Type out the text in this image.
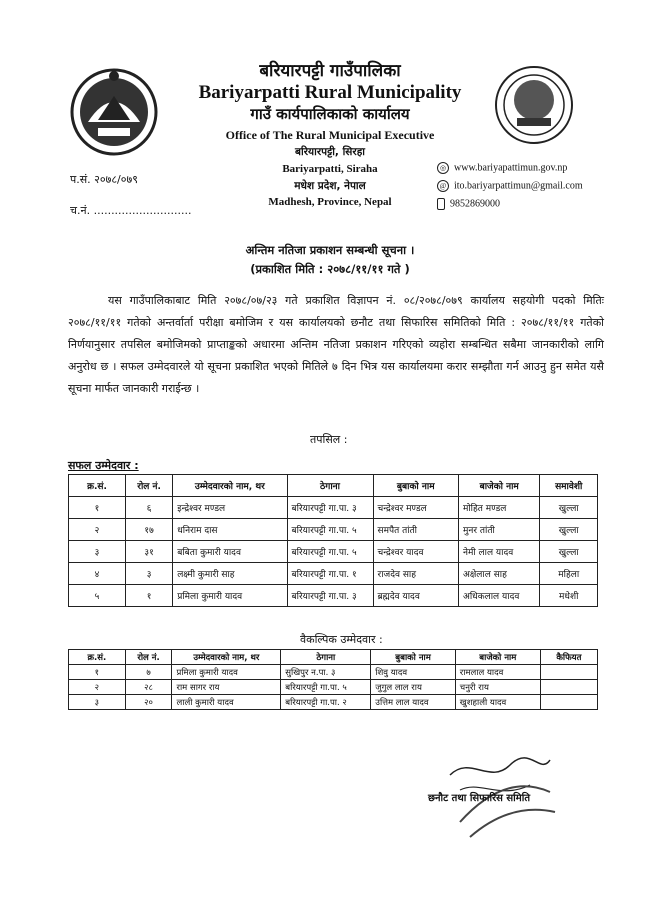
बरियारपट्टी गाउँपालिका
Bariyarpatti Rural Municipality
गाउँ कार्यपालिकाको कार्यालय
Office of The Rural Municipal Executive
बरियारपट्टी, सिरहा
Bariyarpatti, Siraha
मधेश प्रदेश, नेपाल
Madhesh, Province, Nepal
◎ www.bariyapattimun.gov.np
@ ito.bariyarpattimun@gmail.com
9852869000
प.सं. २०७८/०७९
च.नं. ............................
अन्तिम नतिजा प्रकाशन सम्बन्धी सूचना ।
(प्रकाशित मिति : २०७८/११/११ गते )
यस गाउँपालिकाबाट मिति २०७८/०७/२३ गते प्रकाशित विज्ञापन नं. ०८/२०७८/०७९ कार्यालय सहयोगी पदको मितिः २०७८/११/११ गतेको अन्तर्वार्ता परीक्षा बमोजिम र यस कार्यालयको छनौट तथा सिफारिस समितिको मिति : २०७८/११/११ गतेको निर्णयानुसार तपसिल बमोजिमको प्राप्ताङ्कको अधारमा अन्तिम नतिजा प्रकाशन गरिएको व्यहोरा सम्बन्धित सबैमा जानकारीको लागि अनुरोध छ । सफल उम्मेदवारले यो सूचना प्रकाशित भएको मितिले ७ दिन भित्र यस कार्यालयमा करार सम्झौता गर्न आउनु हुन समेत यसै सूचना मार्फत जानकारी गराईन्छ ।
तपसिल :
सफल उम्मेदवार :
क्र.सं.	रोल नं.	उम्मेदवारको नाम, थर	ठेगाना	बुबाको नाम	बाजेको नाम	समावेशी
१	६	इन्द्रेश्वर मण्डल	बरियारपट्टी गा.पा. ३	चन्द्रेश्वर मण्डल	मोहित मण्डल	खुल्ला
२	१७	धनिराम दास	बरियारपट्टी गा.पा. ५	समपैत तांती	मुनर तांती	खुल्ला
३	३१	बबिता कुमारी यादव	बरियारपट्टी गा.पा. ५	चन्द्रेश्वर यादव	नेमी लाल यादव	खुल्ला
४	३	लक्ष्मी कुमारी साह	बरियारपट्टी गा.पा. १	राजदेव साह	अक्षेलाल साह	महिला
५	१	प्रमिला कुमारी यादव	बरियारपट्टी गा.पा. ३	ब्रह्मदेव यादव	अधिकलाल यादव	मधेशी
वैकल्पिक उम्मेदवार :
क्र.सं.	रोल नं.	उम्मेदवारको नाम, थर	ठेगाना	बुबाको नाम	बाजेको नाम	कैफियत
१	७	प्रमिला कुमारी यादव	सुखिपुर न.पा. ३	शिवु यादव	रामलाल यादव	
२	२८	राम सागर राय	बरियारपट्टी गा.पा. ५	जुगुल लाल राय	चनुरी राय	
३	२०	लाली कुमारी यादव	बरियारपट्टी गा.पा. २	उत्तिम लाल यादव	खुशहाली यादव	
छनौट तथा सिफारिस समिति
